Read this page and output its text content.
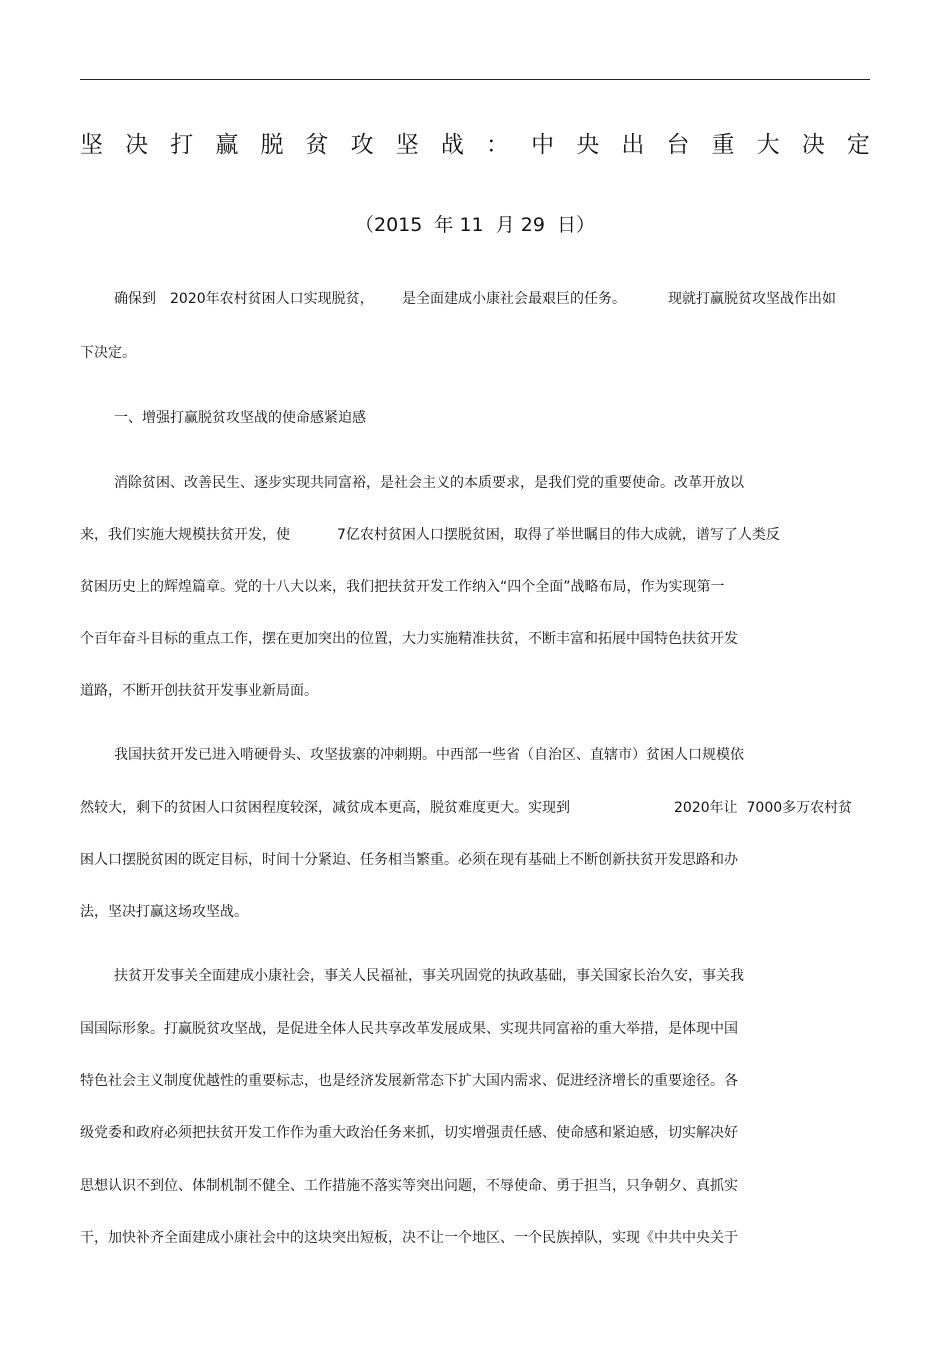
坚 决 打 赢 脱 贫 攻 坚 战 ： 中 央 出 台 重 大 决 定
（2015  年 11  月 29  日）
确保到 2020年农村贫困人口实现脱贫， 是全面建成小康社会最艰巨的任务。	现就打赢脱贫攻坚战作出如
下决定。
一、增强打赢脱贫攻坚战的使命感紧迫感
消除贫困、改善民生、逐步实现共同富裕，是社会主义的本质要求，是我们党的重要使命。改革开放以
来，我们实施大规模扶贫开发，使	7亿农村贫困人口摆脱贫困，取得了举世瞩目的伟大成就，谱写了人类反
贫困历史上的辉煌篇章。党的十八大以来，我们把扶贫开发工作纳入“四个全面”战略布局，作为实现第一
个百年奋斗目标的重点工作，摆在更加突出的位置，大力实施精准扶贫，不断丰富和拓展中国特色扶贫开发
道路，不断开创扶贫开发事业新局面。
我国扶贫开发已进入啃硬骨头、攻坚拔寨的冲刺期。中西部一些省（自治区、直辖市）贫困人口规模依
然较大，剩下的贫困人口贫困程度较深，减贫成本更高，脱贫难度更大。实现到	2020年让  7000多万农村贫
困人口摆脱贫困的既定目标，时间十分紧迫、任务相当繁重。必须在现有基础上不断创新扶贫开发思路和办
法，坚决打赢这场攻坚战。
扶贫开发事关全面建成小康社会，事关人民福祉，事关巩固党的执政基础，事关国家长治久安，事关我
国国际形象。打赢脱贫攻坚战，是促进全体人民共享改革发展成果、实现共同富裕的重大举措，是体现中国
特色社会主义制度优越性的重要标志，也是经济发展新常态下扩大国内需求、促进经济增长的重要途径。各
级党委和政府必须把扶贫开发工作作为重大政治任务来抓，切实增强责任感、使命感和紧迫感，切实解决好
思想认识不到位、体制机制不健全、工作措施不落实等突出问题，不辱使命、勇于担当，只争朝夕、真抓实
干，加快补齐全面建成小康社会中的这块突出短板，决不让一个地区、一个民族掉队，实现《中共中央关于
